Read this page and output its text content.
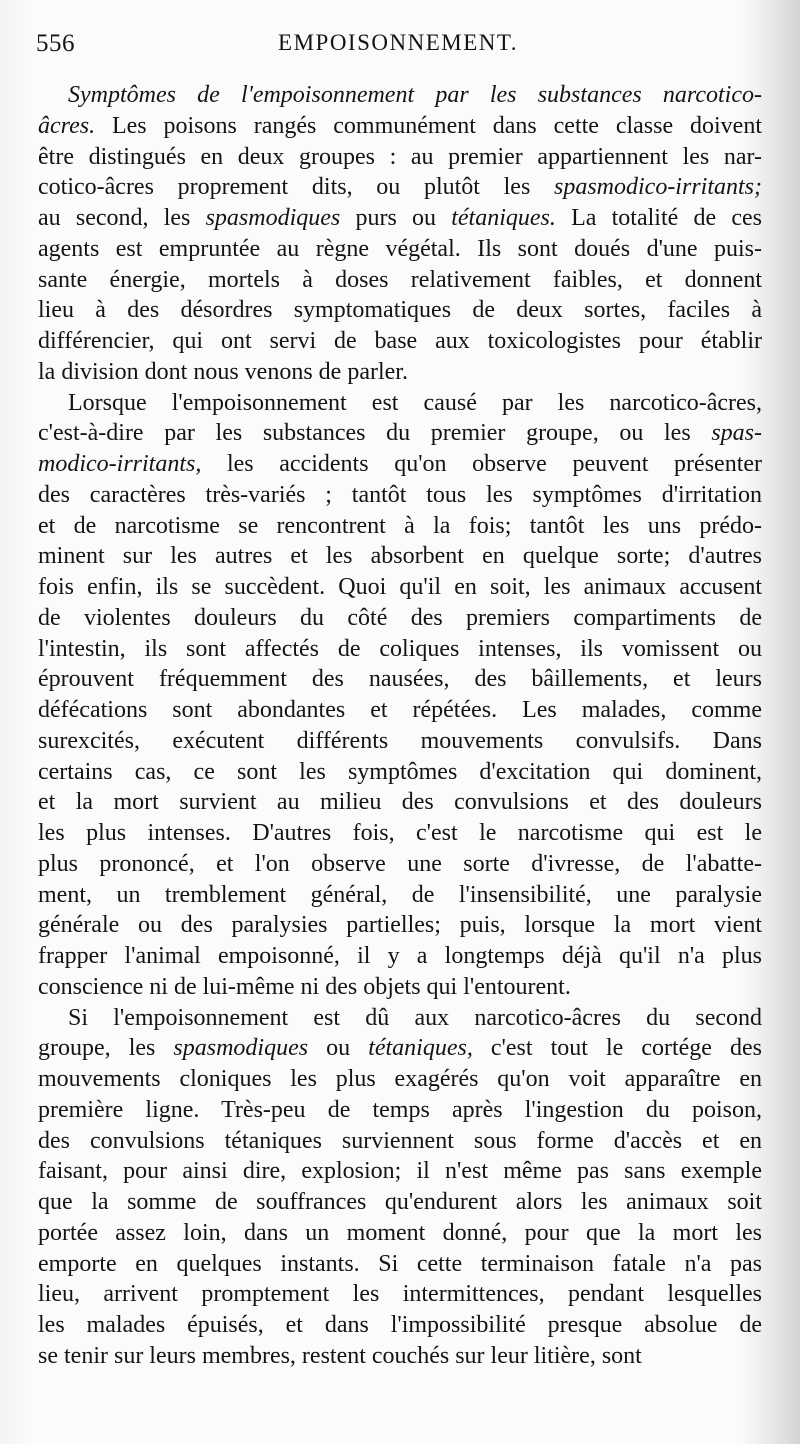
556	EMPOISONNEMENT.
Symptômes de l'empoisonnement par les substances narcotico-
âcres. Les poisons rangés communément dans cette classe doivent
être distingués en deux groupes : au premier appartiennent les nar-
cotico-âcres proprement dits, ou plutôt les spasmodico-irritants;
au second, les spasmodiques purs ou tétaniques. La totalité de ces
agents est empruntée au règne végétal. Ils sont doués d'une puis-
sante énergie, mortels à doses relativement faibles, et donnent
lieu à des désordres symptomatiques de deux sortes, faciles à
différencier, qui ont servi de base aux toxicologistes pour établir
la division dont nous venons de parler.
Lorsque l'empoisonnement est causé par les narcotico-âcres,
c'est-à-dire par les substances du premier groupe, ou les spas-
modico-irritants, les accidents qu'on observe peuvent présenter
des caractères très-variés ; tantôt tous les symptômes d'irritation
et de narcotisme se rencontrent à la fois; tantôt les uns prédo-
minent sur les autres et les absorbent en quelque sorte; d'autres
fois enfin, ils se succèdent. Quoi qu'il en soit, les animaux accusent
de violentes douleurs du côté des premiers compartiments de
l'intestin, ils sont affectés de coliques intenses, ils vomissent ou
éprouvent fréquemment des nausées, des bâillements, et leurs
défécations sont abondantes et répétées. Les malades, comme
surexcités, exécutent différents mouvements convulsifs. Dans
certains cas, ce sont les symptômes d'excitation qui dominent,
et la mort survient au milieu des convulsions et des douleurs
les plus intenses. D'autres fois, c'est le narcotisme qui est le
plus prononcé, et l'on observe une sorte d'ivresse, de l'abatte-
ment, un tremblement général, de l'insensibilité, une paralysie
générale ou des paralysies partielles; puis, lorsque la mort vient
frapper l'animal empoisonné, il y a longtemps déjà qu'il n'a plus
conscience ni de lui-même ni des objets qui l'entourent.
Si l'empoisonnement est dû aux narcotico-âcres du second
groupe, les spasmodiques ou tétaniques, c'est tout le cortége des
mouvements cloniques les plus exagérés qu'on voit apparaître en
première ligne. Très-peu de temps après l'ingestion du poison,
des convulsions tétaniques surviennent sous forme d'accès et en
faisant, pour ainsi dire, explosion; il n'est même pas sans exemple
que la somme de souffrances qu'endurent alors les animaux soit
portée assez loin, dans un moment donné, pour que la mort les
emporte en quelques instants. Si cette terminaison fatale n'a pas
lieu, arrivent promptement les intermittences, pendant lesquelles
les malades épuisés, et dans l'impossibilité presque absolue de
se tenir sur leurs membres, restent couchés sur leur litière, sont
